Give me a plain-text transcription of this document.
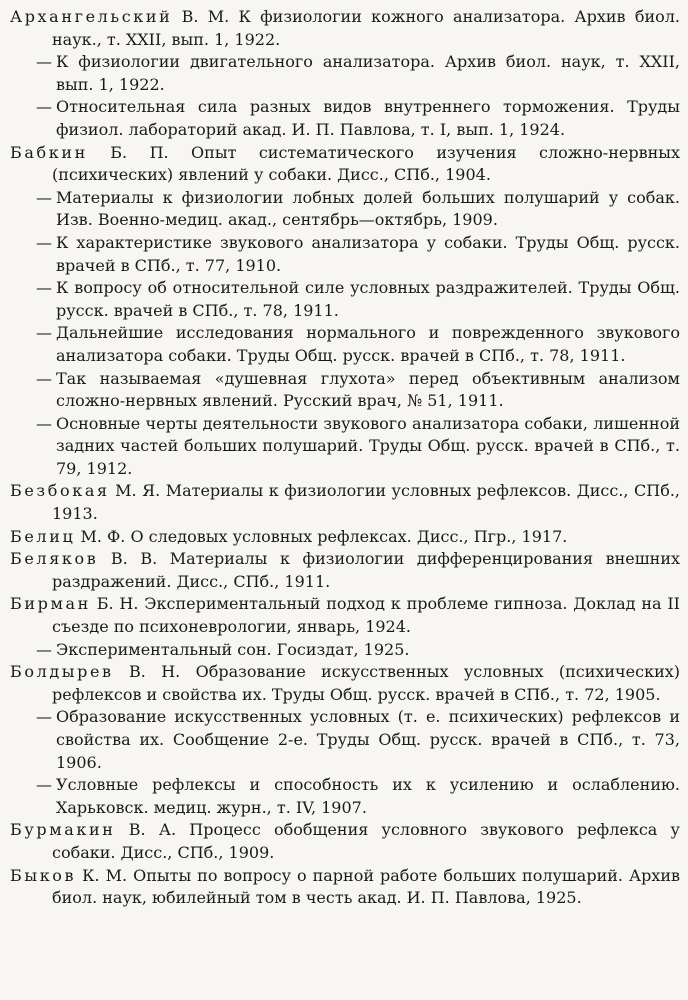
Архангельский В. М. К физиологии кожного анализатора. Архив биол. наук., т. XXII, вып. 1, 1922.

— К физиологии двигательного анализатора. Архив биол. наук, т. XXII, вып. 1, 1922.

— Относительная сила разных видов внутреннего торможения. Труды физиол. лабораторий акад. И. П. Павлова, т. I, вып. 1, 1924.

Бабкин Б. П. Опыт систематического изучения сложно-нервных (психических) явлений у собаки. Дисс., СПб., 1904.

— Материалы к физиологии лобных долей больших полушарий у собак. Изв. Военно-медиц. акад., сентябрь—октябрь, 1909.

— К характеристике звукового анализатора у собаки. Труды Общ. русск. врачей в СПб., т. 77, 1910.

— К вопросу об относительной силе условных раздражителей. Труды Общ. русск. врачей в СПб., т. 78, 1911.

— Дальнейшие исследования нормального и поврежденного звукового анализатора собаки. Труды Общ. русск. врачей в СПб., т. 78, 1911.

— Так называемая «душевная глухота» перед объективным анализом сложно-нервных явлений. Русский врач, № 51, 1911.

— Основные черты деятельности звукового анализатора собаки, лишенной задних частей больших полушарий. Труды Общ. русск. врачей в СПб., т. 79, 1912.

Безбокая М. Я. Материалы к физиологии условных рефлексов. Дисс., СПб., 1913.

Белиц М. Ф. О следовых условных рефлексах. Дисс., Пгр., 1917.

Беляков В. В. Материалы к физиологии дифференцирования внешних раздражений. Дисс., СПб., 1911.

Бирман Б. Н. Экспериментальный подход к проблеме гипноза. Доклад на II съезде по психоневрологии, январь, 1924.

— Экспериментальный сон. Госиздат, 1925.

Болдырев В. Н. Образование искусственных условных (психических) рефлексов и свойства их. Труды Общ. русск. врачей в СПб., т. 72, 1905.

— Образование искусственных условных (т. е. психических) рефлексов и свойства их. Сообщение 2-е. Труды Общ. русск. врачей в СПб., т. 73, 1906.

— Условные рефлексы и способность их к усилению и ослаблению. Харьковск. медиц. журн., т. IV, 1907.

Бурмакин В. А. Процесс обобщения условного звукового рефлекса у собаки. Дисс., СПб., 1909.

Быков К. М. Опыты по вопросу о парной работе больших полушарий. Архив биол. наук, юбилейный том в честь акад. И. П. Павлова, 1925.
